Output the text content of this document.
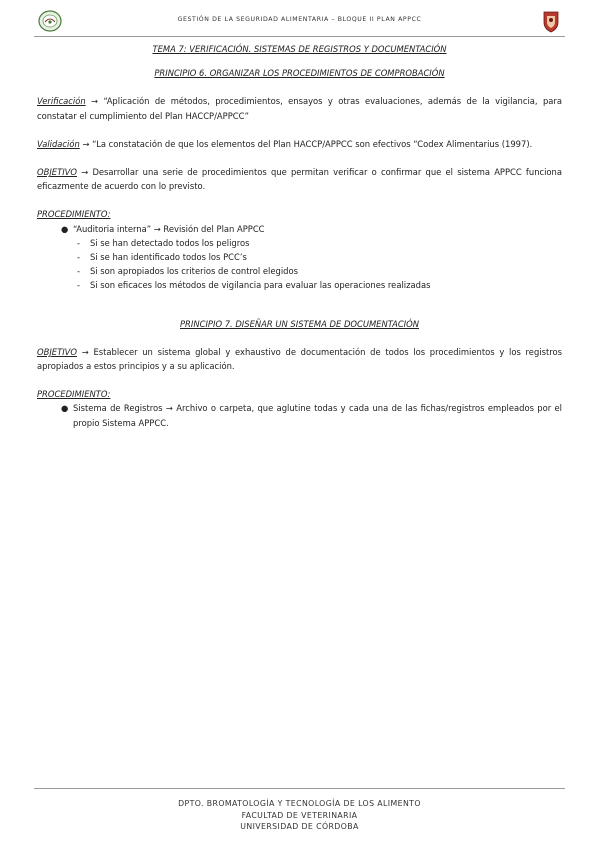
GESTIÓN DE LA SEGURIDAD ALIMENTARIA – BLOQUE II PLAN APPCC

TEMA 7: VERIFICACIÓN. SISTEMAS DE REGISTROS Y DOCUMENTACIÓN

PRINCIPIO 6. ORGANIZAR LOS PROCEDIMIENTOS DE COMPROBACIÓN

Verificación → “Aplicación de métodos, procedimientos, ensayos y otras evaluaciones, además de la vigilancia, para constatar el cumplimiento del Plan HACCP/APPCC”

Validación → “La constatación de que los elementos del Plan HACCP/APPCC son efectivos “Codex Alimentarius (1997).

OBJETIVO → Desarrollar una serie de procedimientos que permitan verificar o confirmar que el sistema APPCC funciona eficazmente de acuerdo con lo previsto.

PROCEDIMIENTO:

● “Auditoria interna” → Revisión del Plan APPCC
- Si se han detectado todos los peligros
- Si se han identificado todos los PCC’s
- Si son apropiados los criterios de control elegidos
- Si son eficaces los métodos de vigilancia para evaluar las operaciones realizadas

PRINCIPIO 7. DISEÑAR UN SISTEMA DE DOCUMENTACIÓN

OBJETIVO → Establecer un sistema global y exhaustivo de documentación de todos los procedimientos y los registros apropiados a estos principios y a su aplicación.

PROCEDIMIENTO:

● Sistema de Registros → Archivo o carpeta, que aglutine todas y cada una de las fichas/registros empleados por el propio Sistema APPCC.
DPTO. BROMATOLOGÍA Y TECNOLOGÍA DE LOS ALIMENTO
FACULTAD DE VETERINARIA
UNIVERSIDAD DE CÓRDOBA
